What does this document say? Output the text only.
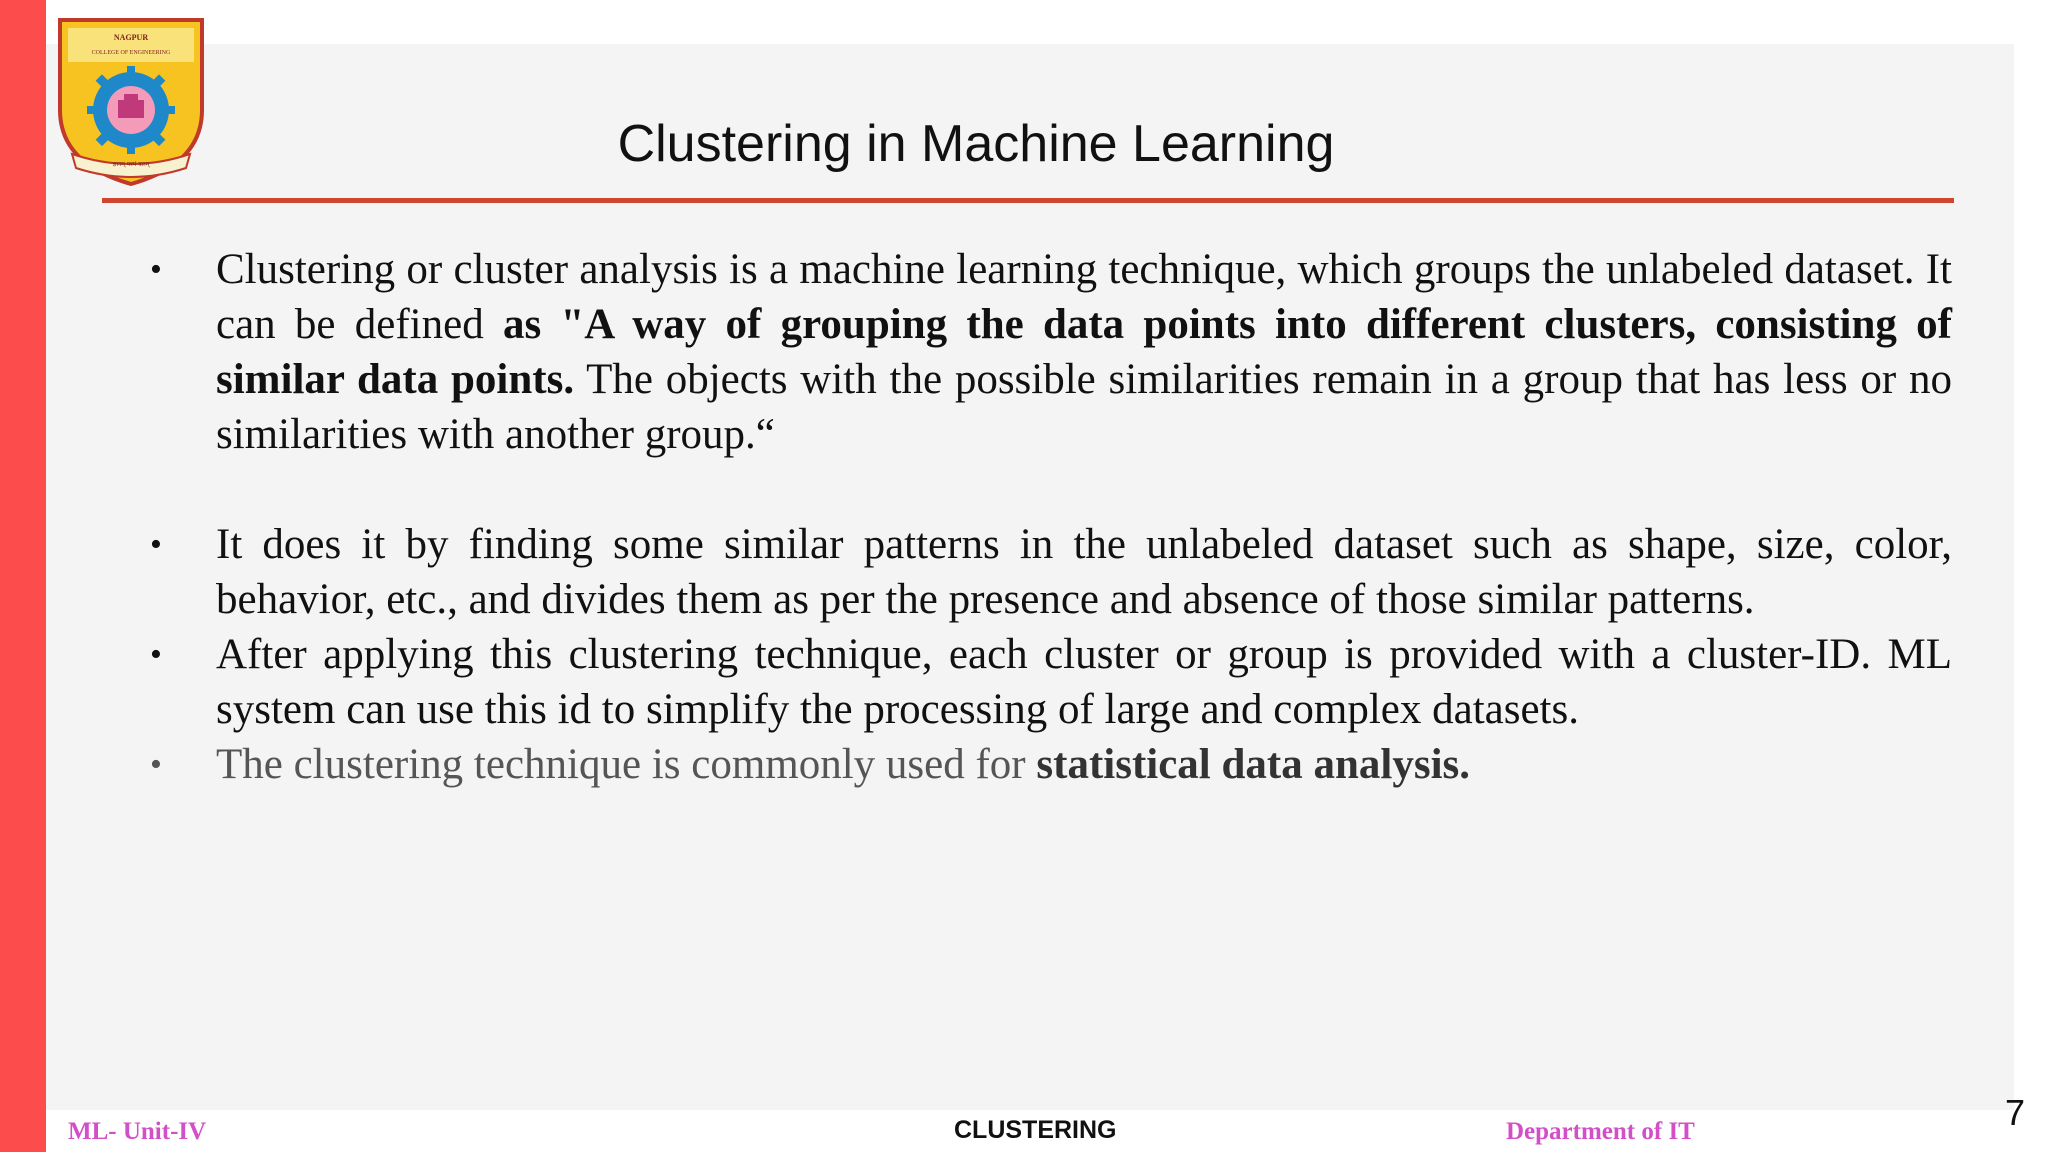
NAGPUR
COLLEGE OF ENGINEERING
ज्ञानम् परमं बलम्	Clustering in Machine Learning
• Clustering or cluster analysis is a machine learning technique, which groups the unlabeled dataset. It can be defined as "A way of grouping the data points into different clusters, consisting of similar data points. The objects with the possible similarities remain in a group that has less or no similarities with another group.“
• It does it by finding some similar patterns in the unlabeled dataset such as shape, size, color, behavior, etc., and divides them as per the presence and absence of those similar patterns.
• After applying this clustering technique, each cluster or group is provided with a cluster-ID. ML system can use this id to simplify the processing of large and complex datasets.
• The clustering technique is commonly used for statistical data analysis.
ML- Unit-IV	CLUSTERING	Department of IT	7
